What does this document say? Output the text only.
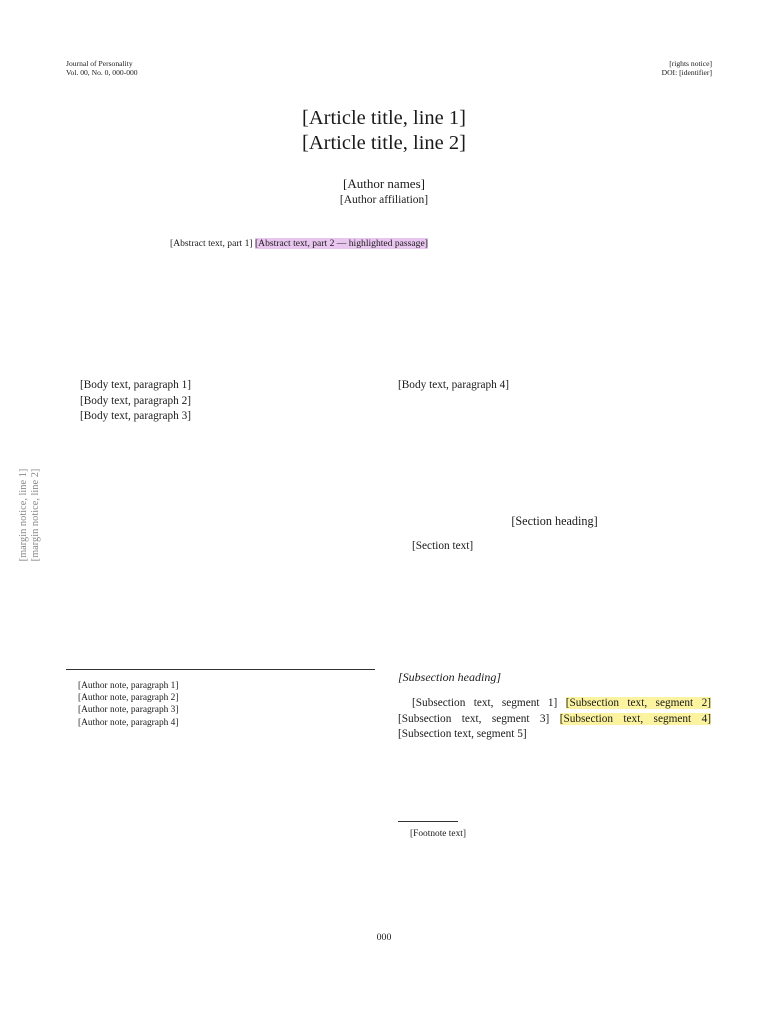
[margin notice, line 1] [margin notice, line 2]
Journal of Personality
Vol. 00, No. 0, 000-000
[rights notice]
DOI: [identifier]
[Article title, line 1]
[Article title, line 2]
[Author names]
[Author affiliation]
[Abstract text, part 1] [Abstract text, part 2 — highlighted passage]

[Body text, paragraph 1]

[Body text, paragraph 2]

[Body text, paragraph 3]

[Author note, paragraph 1]

[Author note, paragraph 2]

[Author note, paragraph 3]

[Author note, paragraph 4]

[Body text, paragraph 4]

[Section heading]

[Section text]

[Subsection heading]

[Subsection text, segment 1] [Subsection text, segment 2] [Subsection text, segment 3] [Subsection text, segment 4] [Subsection text, segment 5]

[Footnote text]

000
